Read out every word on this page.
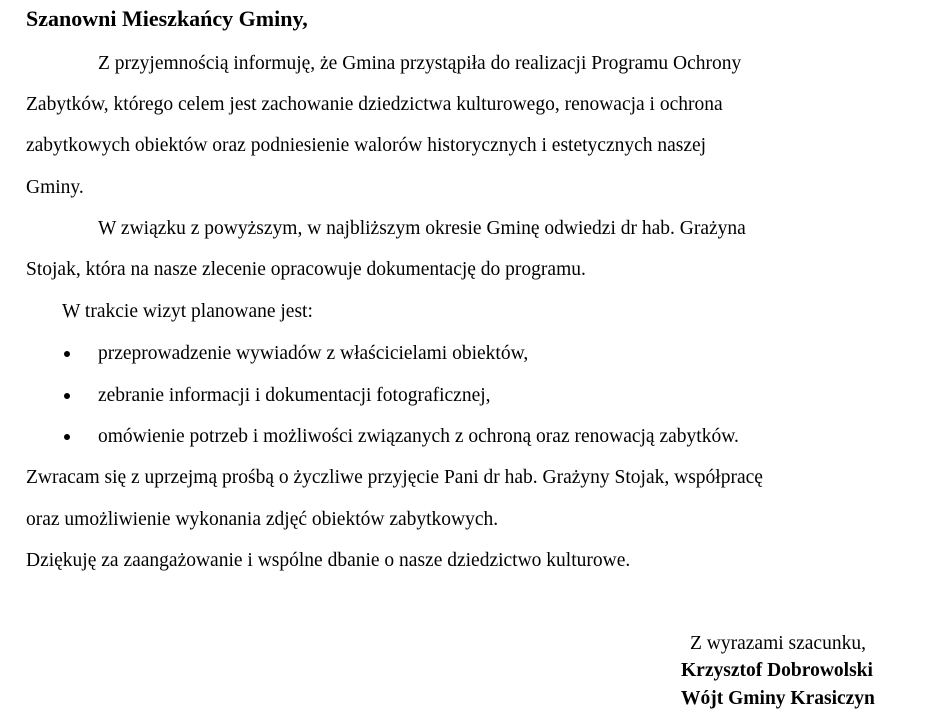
Szanowni Mieszkańcy Gminy,
Z przyjemnością informuję, że Gmina przystąpiła do realizacji Programu Ochrony
Zabytków, którego celem jest zachowanie dziedzictwa kulturowego, renowacja i ochrona
zabytkowych obiektów oraz podniesienie walorów historycznych i estetycznych naszej
Gminy.
W związku z powyższym, w najbliższym okresie Gminę odwiedzi dr hab. Grażyna
Stojak, która na nasze zlecenie opracowuje dokumentację do programu.
W trakcie wizyt planowane jest:
przeprowadzenie wywiadów z właścicielami obiektów,
zebranie informacji i dokumentacji fotograficznej,
omówienie potrzeb i możliwości związanych z ochroną oraz renowacją zabytków.
Zwracam się z uprzejmą prośbą o życzliwe przyjęcie Pani dr hab. Grażyny Stojak, współpracę
oraz umożliwienie wykonania zdjęć obiektów zabytkowych.
Dziękuję za zaangażowanie i wspólne dbanie o nasze dziedzictwo kulturowe.
Z wyrazami szacunku,
Krzysztof Dobrowolski
Wójt Gminy Krasiczyn
